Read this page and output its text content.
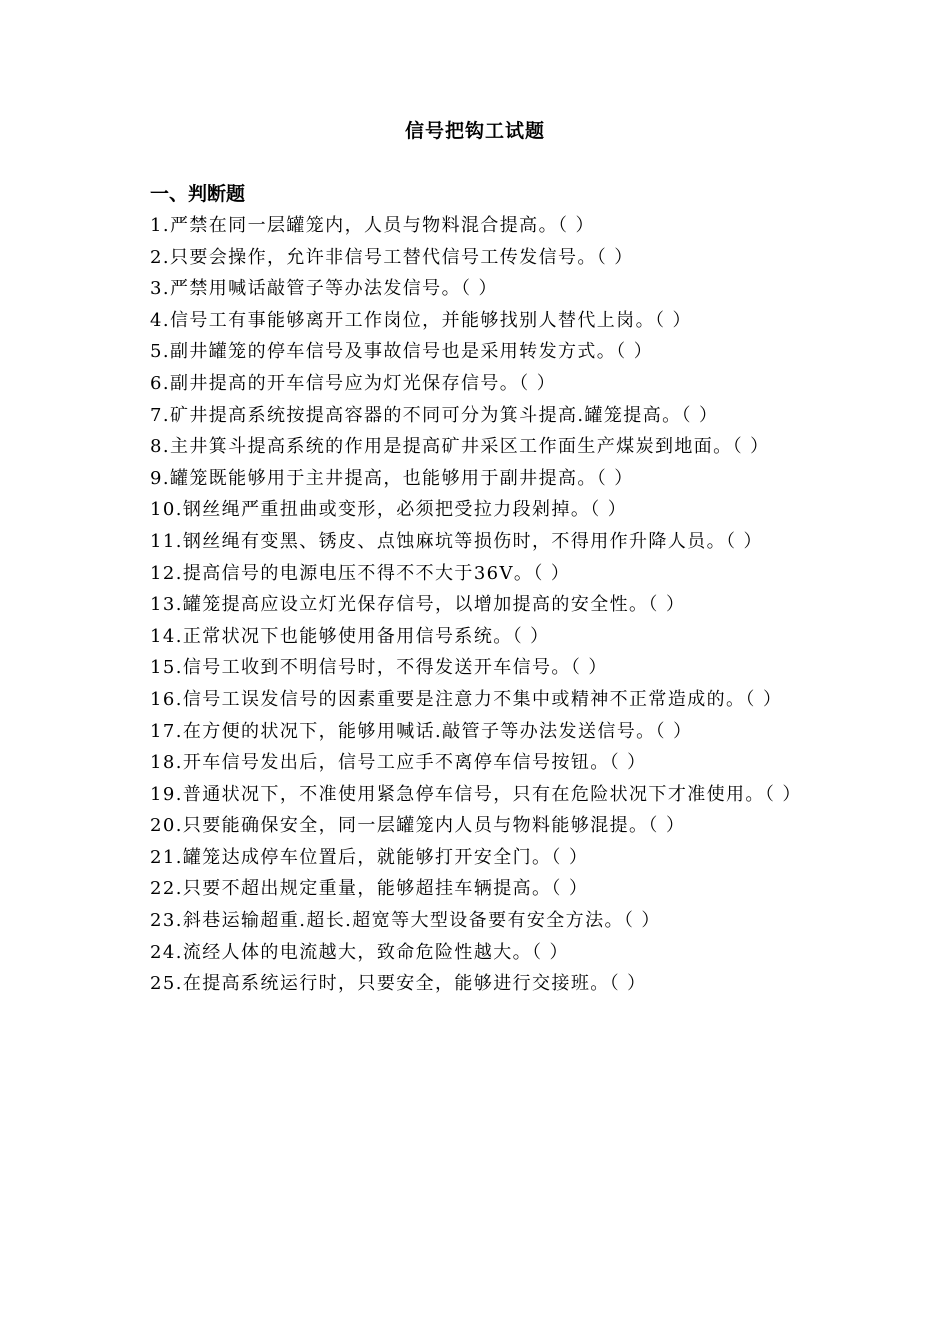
信号把钩工试题
一、判断题

1.严禁在同一层罐笼内，人员与物料混合提高。（ ）

2.只要会操作，允许非信号工替代信号工传发信号。（ ）

3.严禁用喊话敲管子等办法发信号。（ ）

4.信号工有事能够离开工作岗位，并能够找别人替代上岗。（ ）

5.副井罐笼的停车信号及事故信号也是采用转发方式。（ ）

6.副井提高的开车信号应为灯光保存信号。（ ）

7.矿井提高系统按提高容器的不同可分为箕斗提高.罐笼提高。（ ）

8.主井箕斗提高系统的作用是提高矿井采区工作面生产煤炭到地面。（ ）

9.罐笼既能够用于主井提高，也能够用于副井提高。（ ）

10.钢丝绳严重扭曲或变形，必须把受拉力段剁掉。（ ）

11.钢丝绳有变黑、锈皮、点蚀麻坑等损伤时，不得用作升降人员。（ ）

12.提高信号的电源电压不得不不大于36V。（ ）

13.罐笼提高应设立灯光保存信号，以增加提高的安全性。（ ）

14.正常状况下也能够使用备用信号系统。（ ）

15.信号工收到不明信号时，不得发送开车信号。（ ）

16.信号工误发信号的因素重要是注意力不集中或精神不正常造成的。（ ）

17.在方便的状况下，能够用喊话.敲管子等办法发送信号。（ ）

18.开车信号发出后，信号工应手不离停车信号按钮。（ ）

19.普通状况下，不准使用紧急停车信号，只有在危险状况下才准使用。（ ）

20.只要能确保安全，同一层罐笼内人员与物料能够混提。（ ）

21.罐笼达成停车位置后，就能够打开安全门。（ ）

22.只要不超出规定重量，能够超挂车辆提高。（ ）

23.斜巷运输超重.超长.超宽等大型设备要有安全方法。（ ）

24.流经人体的电流越大，致命危险性越大。（ ）

25.在提高系统运行时，只要安全，能够进行交接班。（ ）
